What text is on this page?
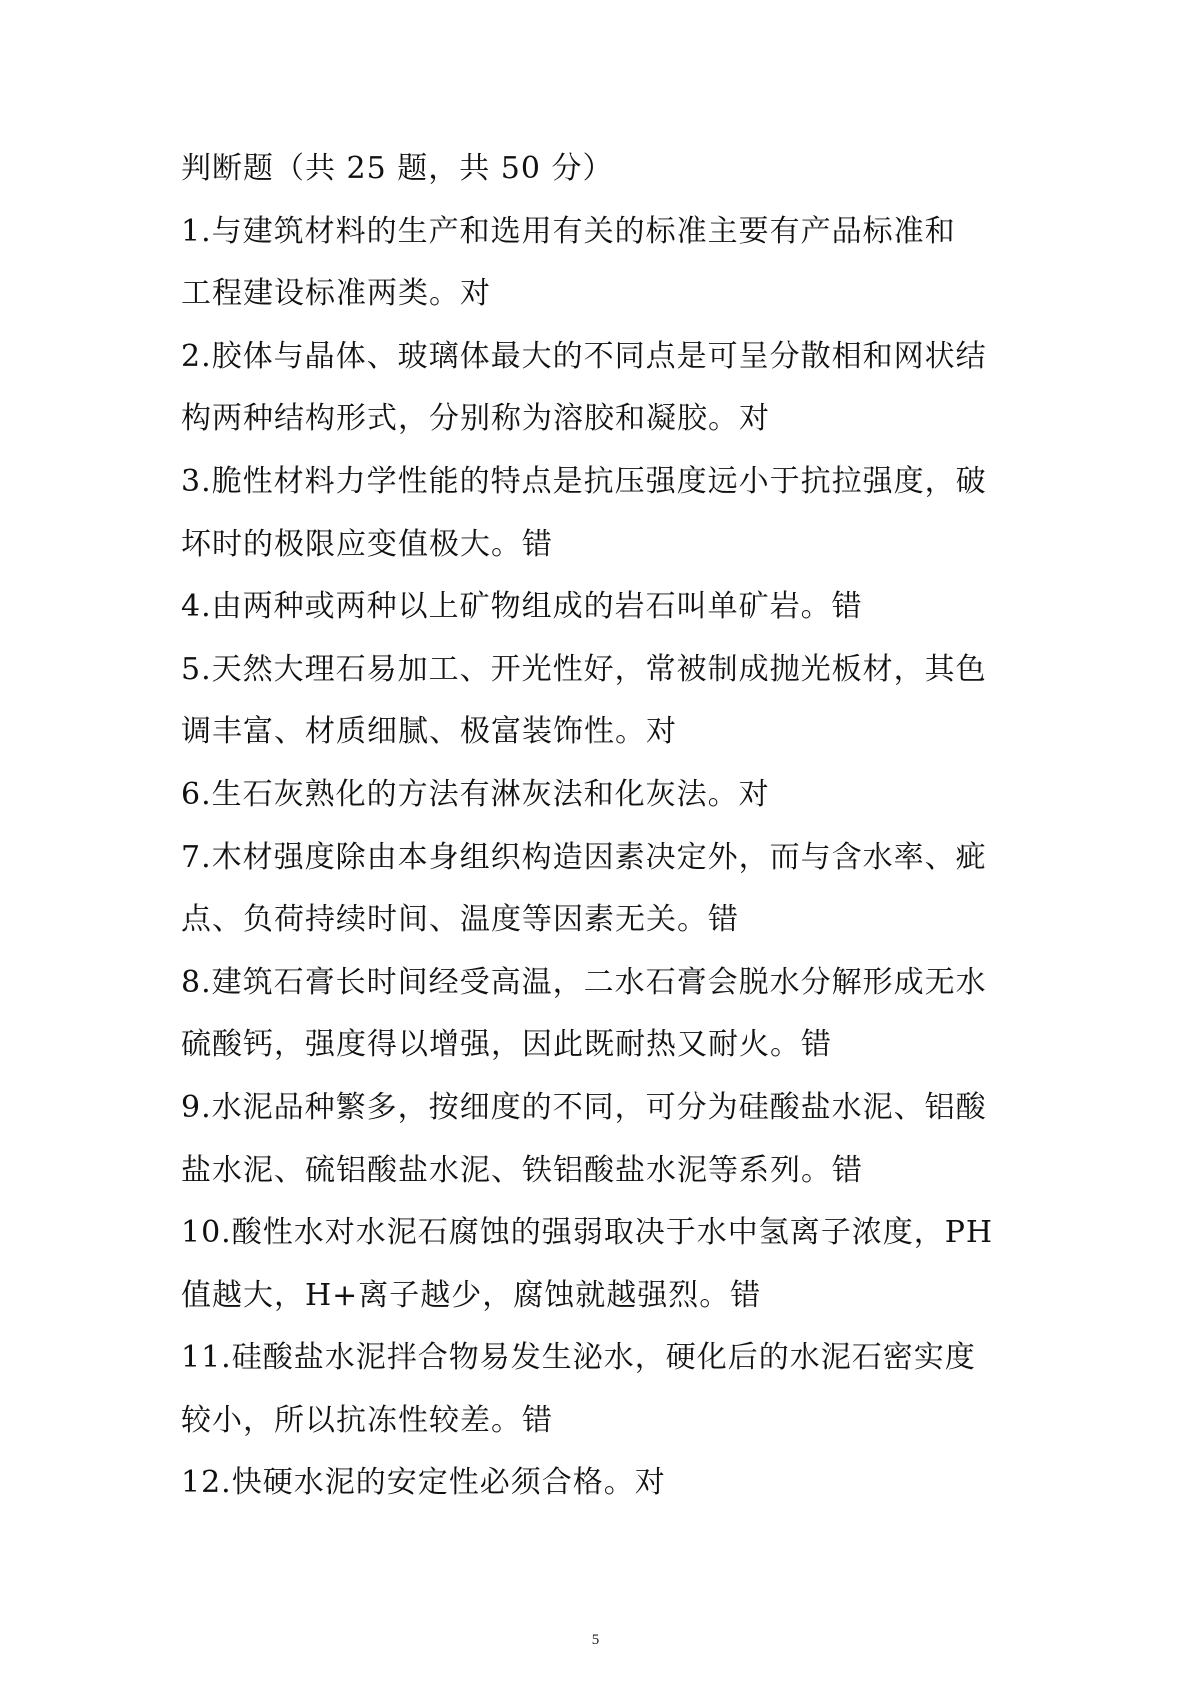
判断题（共 25 题，共 50 分）
1.与建筑材料的生产和选用有关的标准主要有产品标准和
工程建设标准两类。对
2.胶体与晶体、玻璃体最大的不同点是可呈分散相和网状结
构两种结构形式，分别称为溶胶和凝胶。对
3.脆性材料力学性能的特点是抗压强度远小于抗拉强度，破
坏时的极限应变值极大。错
4.由两种或两种以上矿物组成的岩石叫单矿岩。错
5.天然大理石易加工、开光性好，常被制成抛光板材，其色
调丰富、材质细腻、极富装饰性。对
6.生石灰熟化的方法有淋灰法和化灰法。对
7.木材强度除由本身组织构造因素决定外，而与含水率、疵
点、负荷持续时间、温度等因素无关。错
8.建筑石膏长时间经受高温，二水石膏会脱水分解形成无水
硫酸钙，强度得以增强，因此既耐热又耐火。错
9.水泥品种繁多，按细度的不同，可分为硅酸盐水泥、铝酸
盐水泥、硫铝酸盐水泥、铁铝酸盐水泥等系列。错
10.酸性水对水泥石腐蚀的强弱取决于水中氢离子浓度，PH
值越大，H+离子越少，腐蚀就越强烈。错
11.硅酸盐水泥拌合物易发生泌水，硬化后的水泥石密实度
较小，所以抗冻性较差。错
12.快硬水泥的安定性必须合格。对
5
